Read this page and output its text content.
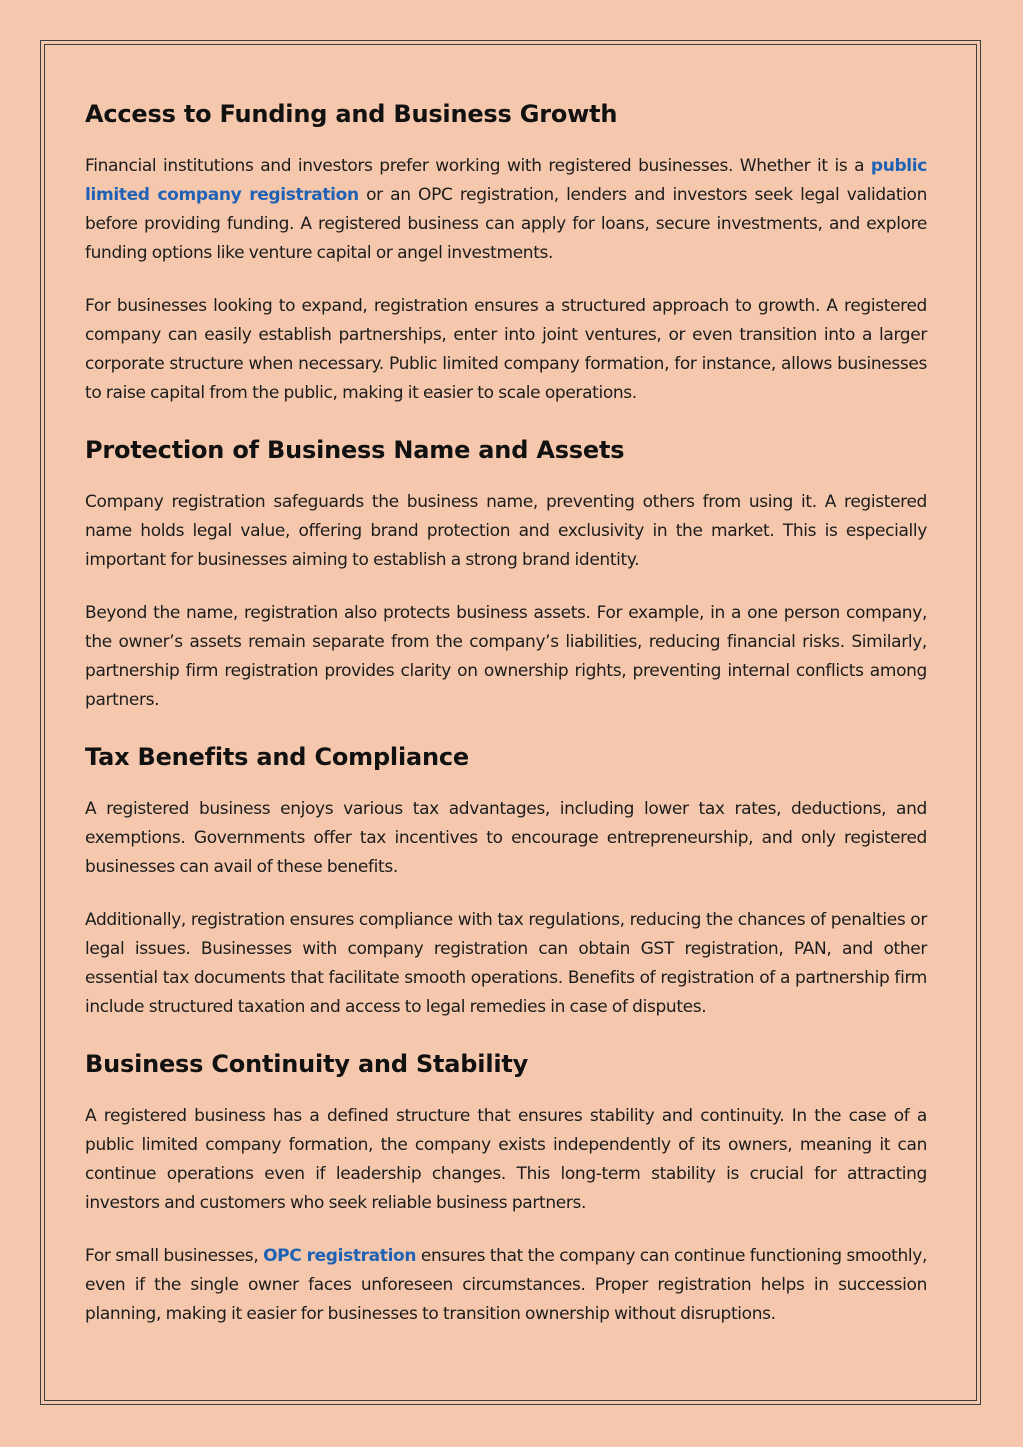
Access to Funding and Business Growth

Financial institutions and investors prefer working with registered businesses. Whether it is a public limited company registration or an OPC registration, lenders and investors seek legal validation before providing funding. A registered business can apply for loans, secure investments, and explore funding options like venture capital or angel investments.

For businesses looking to expand, registration ensures a structured approach to growth. A registered company can easily establish partnerships, enter into joint ventures, or even transition into a larger corporate structure when necessary. Public limited company formation, for instance, allows businesses to raise capital from the public, making it easier to scale operations.

Protection of Business Name and Assets

Company registration safeguards the business name, preventing others from using it. A registered name holds legal value, offering brand protection and exclusivity in the market. This is especially important for businesses aiming to establish a strong brand identity.

Beyond the name, registration also protects business assets. For example, in a one person company, the owner’s assets remain separate from the company’s liabilities, reducing financial risks. Similarly, partnership firm registration provides clarity on ownership rights, preventing internal conflicts among partners.

Tax Benefits and Compliance

A registered business enjoys various tax advantages, including lower tax rates, deductions, and exemptions. Governments offer tax incentives to encourage entrepreneurship, and only registered businesses can avail of these benefits.

Additionally, registration ensures compliance with tax regulations, reducing the chances of penalties or legal issues. Businesses with company registration can obtain GST registration, PAN, and other essential tax documents that facilitate smooth operations. Benefits of registration of a partnership firm include structured taxation and access to legal remedies in case of disputes.

Business Continuity and Stability

A registered business has a defined structure that ensures stability and continuity. In the case of a public limited company formation, the company exists independently of its owners, meaning it can continue operations even if leadership changes. This long-term stability is crucial for attracting investors and customers who seek reliable business partners.

For small businesses, OPC registration ensures that the company can continue functioning smoothly, even if the single owner faces unforeseen circumstances. Proper registration helps in succession planning, making it easier for businesses to transition ownership without disruptions.
